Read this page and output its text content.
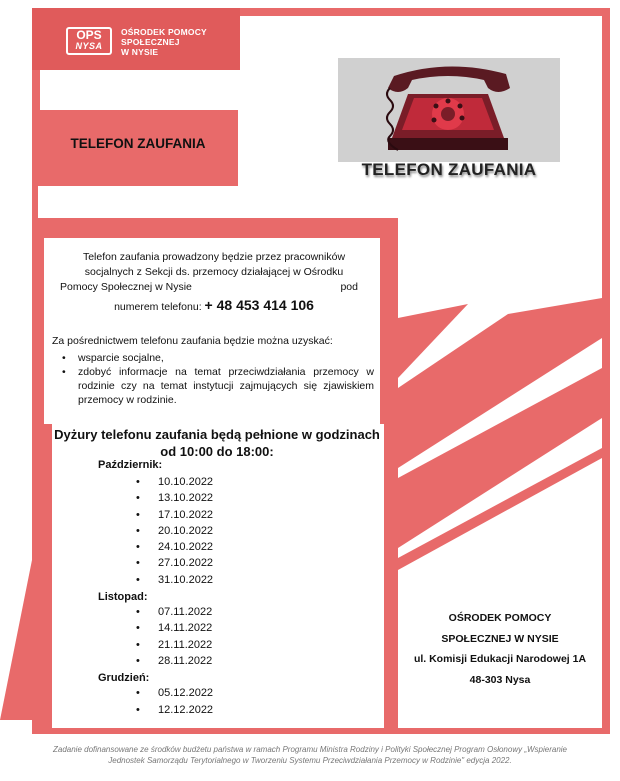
OPS
NYSA
OŚRODEK POMOCY
SPOŁECZNEJ
W NYSIE
TELEFON ZAUFANIA
TELEFON ZAUFANIA
Telefon zaufania prowadzony będzie przez pracowników
socjalnych z Sekcji ds. przemocy działającej w Ośrodku
Pomocy Społecznej w Nysie	pod
numerem telefonu: + 48 453 414 106
Za pośrednictwem telefonu zaufania będzie można uzyskać:
• wsparcie socjalne,
• zdobyć informacje na temat przeciwdziałania przemocy w rodzinie czy na temat instytucji zajmujących się zjawiskiem przemocy w rodzinie.
Dyżury telefonu zaufania będą pełnione w godzinach
od 10:00 do 18:00:
Październik:
• 10.10.2022
• 13.10.2022
• 17.10.2022
• 20.10.2022
• 24.10.2022
• 27.10.2022
• 31.10.2022
Listopad:
• 07.11.2022
• 14.11.2022
• 21.11.2022
• 28.11.2022
Grudzień:
• 05.12.2022
• 12.12.2022
OŚRODEK POMOCY
SPOŁECZNEJ W NYSIE
ul. Komisji Edukacji Narodowej 1A
48-303 Nysa
Zadanie dofinansowane ze środków budżetu państwa w ramach Programu Ministra Rodziny i Polityki Społecznej Program Osłonowy „Wspieranie
Jednostek Samorządu Terytorialnego w Tworzeniu Systemu Przeciwdziałania Przemocy w Rodzinie" edycja 2022.
